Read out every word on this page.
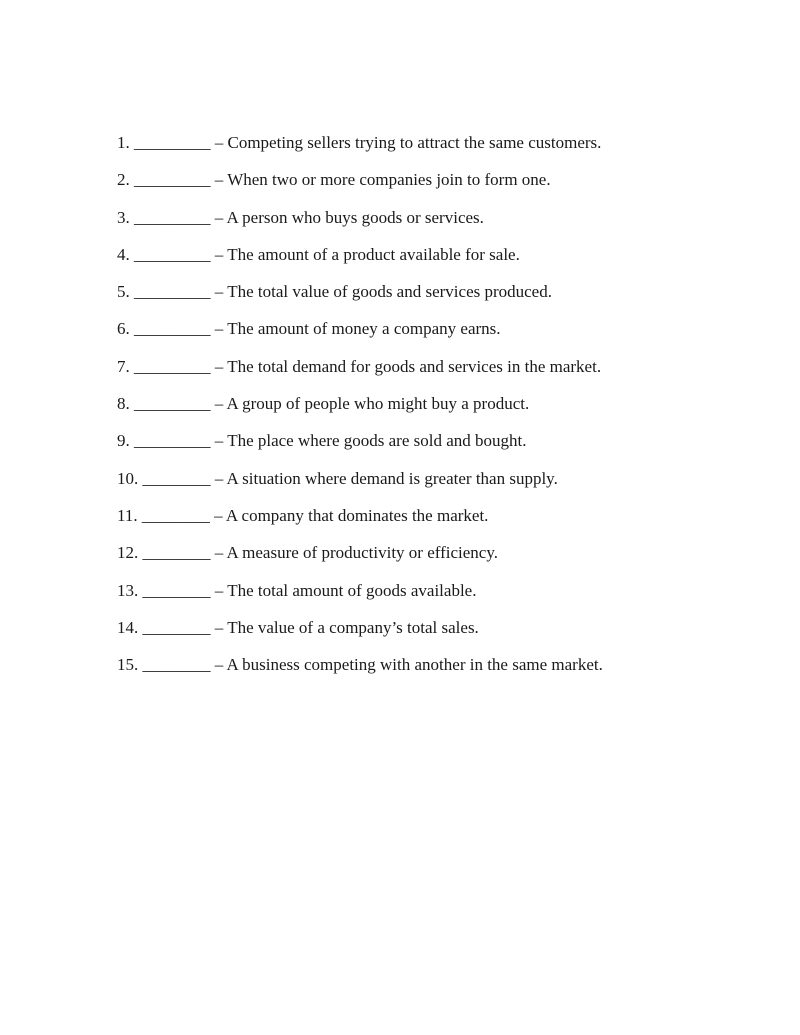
1. _________ – Competing sellers trying to attract the same customers.
2. _________ – When two or more companies join to form one.
3. _________ – A person who buys goods or services.
4. _________ – The amount of a product available for sale.
5. _________ – The total value of goods and services produced.
6. _________ – The amount of money a company earns.
7. _________ – The total demand for goods and services in the market.
8. _________ – A group of people who might buy a product.
9. _________ – The place where goods are sold and bought.
10. ________ – A situation where demand is greater than supply.
11. ________ – A company that dominates the market.
12. ________ – A measure of productivity or efficiency.
13. ________ – The total amount of goods available.
14. ________ – The value of a company’s total sales.
15. ________ – A business competing with another in the same market.
